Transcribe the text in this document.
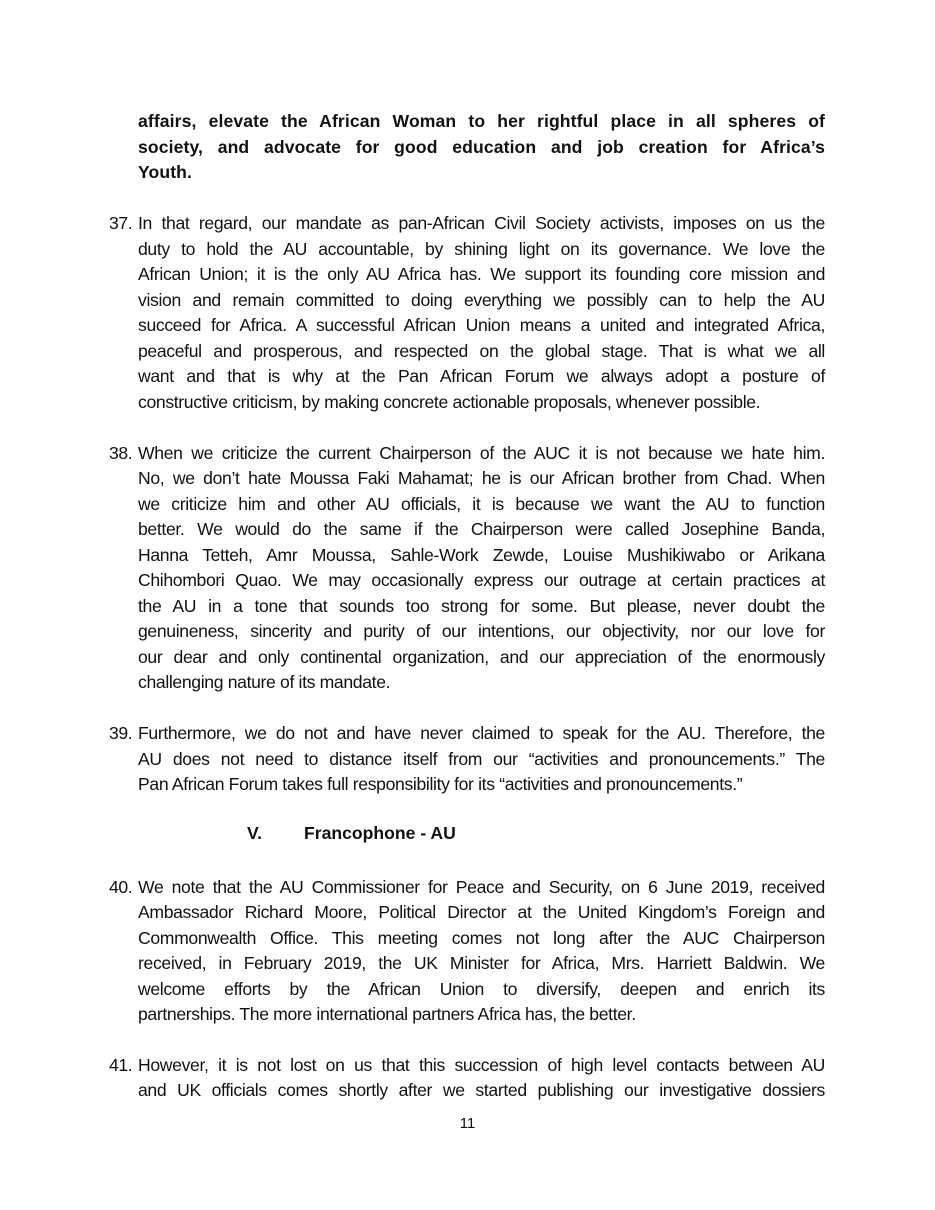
affairs, elevate the African Woman to her rightful place in all spheres of
society, and advocate for good education and job creation for Africa’s
Youth.
37. In that regard, our mandate as pan-African Civil Society activists, imposes on us the
duty to hold the AU accountable, by shining light on its governance. We love the
African Union; it is the only AU Africa has. We support its founding core mission and
vision and remain committed to doing everything we possibly can to help the AU
succeed for Africa. A successful African Union means a united and integrated Africa,
peaceful and prosperous, and respected on the global stage. That is what we all
want and that is why at the Pan African Forum we always adopt a posture of
constructive criticism, by making concrete actionable proposals, whenever possible.
38. When we criticize the current Chairperson of the AUC it is not because we hate him.
No, we don’t hate Moussa Faki Mahamat; he is our African brother from Chad. When
we criticize him and other AU officials, it is because we want the AU to function
better. We would do the same if the Chairperson were called Josephine Banda,
Hanna Tetteh, Amr Moussa, Sahle-Work Zewde, Louise Mushikiwabo or Arikana
Chihombori Quao. We may occasionally express our outrage at certain practices at
the AU in a tone that sounds too strong for some. But please, never doubt the
genuineness, sincerity and purity of our intentions, our objectivity, nor our love for
our dear and only continental organization, and our appreciation of the enormously
challenging nature of its mandate.
39. Furthermore, we do not and have never claimed to speak for the AU. Therefore, the
AU does not need to distance itself from our “activities and pronouncements.” The
Pan African Forum takes full responsibility for its “activities and pronouncements.”
V. Francophone - AU
40. We note that the AU Commissioner for Peace and Security, on 6 June 2019, received
Ambassador Richard Moore, Political Director at the United Kingdom’s Foreign and
Commonwealth Office. This meeting comes not long after the AUC Chairperson
received, in February 2019, the UK Minister for Africa, Mrs. Harriett Baldwin. We
welcome efforts by the African Union to diversify, deepen and enrich its
partnerships. The more international partners Africa has, the better.
41. However, it is not lost on us that this succession of high level contacts between AU
and UK officials comes shortly after we started publishing our investigative dossiers
11
